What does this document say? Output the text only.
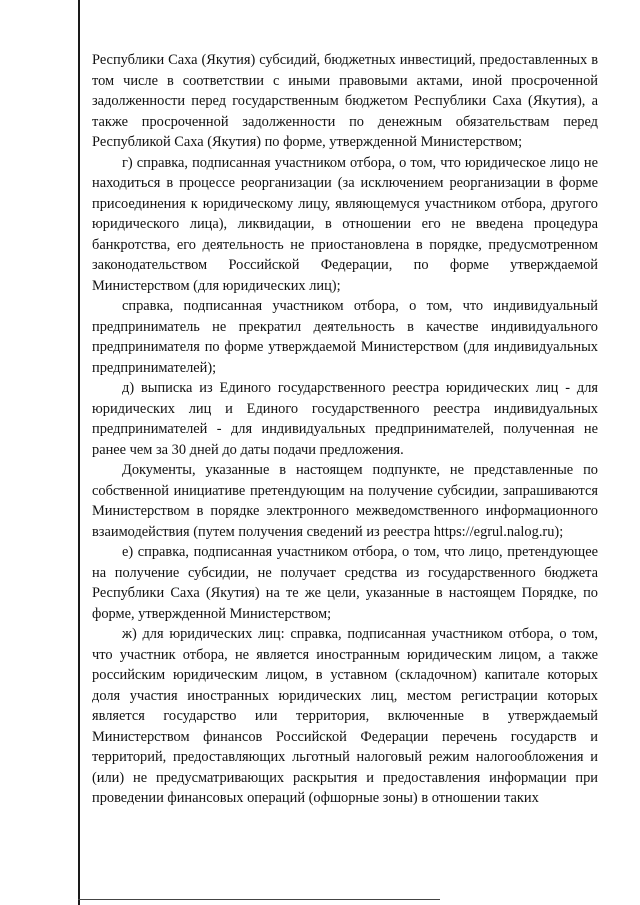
Республики Саха (Якутия) субсидий, бюджетных инвестиций, предоставленных в том числе в соответствии с иными правовыми актами, иной просроченной задолженности перед государственным бюджетом Республики Саха (Якутия), а также просроченной задолженности по денежным обязательствам перед Республикой Саха (Якутия) по форме, утвержденной Министерством;

г) справка, подписанная участником отбора, о том, что юридическое лицо не находиться в процессе реорганизации (за исключением реорганизации в форме присоединения к юридическому лицу, являющемуся участником отбора, другого юридического лица), ликвидации, в отношении его не введена процедура банкротства, его деятельность не приостановлена в порядке, предусмотренном законодательством Российской Федерации, по форме утверждаемой Министерством (для юридических лиц);

справка, подписанная участником отбора, о том, что индивидуальный предприниматель не прекратил деятельность в качестве индивидуального предпринимателя по форме утверждаемой Министерством (для индивидуальных предпринимателей);

д) выписка из Единого государственного реестра юридических лиц - для юридических лиц и Единого государственного реестра индивидуальных предпринимателей - для индивидуальных предпринимателей, полученная не ранее чем за 30 дней до даты подачи предложения.

Документы, указанные в настоящем подпункте, не представленные по собственной инициативе претендующим на получение субсидии, запрашиваются Министерством в порядке электронного межведомственного информационного взаимодействия (путем получения сведений из реестра https://egrul.nalog.ru);

е) справка, подписанная участником отбора, о том, что лицо, претендующее на получение субсидии, не получает средства из государственного бюджета Республики Саха (Якутия) на те же цели, указанные в настоящем Порядке, по форме, утвержденной Министерством;

ж) для юридических лиц: справка, подписанная участником отбора, о том, что участник отбора, не является иностранным юридическим лицом, а также российским юридическим лицом, в уставном (складочном) капитале которых доля участия иностранных юридических лиц, местом регистрации которых является государство или территория, включенные в утверждаемый Министерством финансов Российской Федерации перечень государств и территорий, предоставляющих льготный налоговый режим налогообложения и (или) не предусматривающих раскрытия и предоставления информации при проведении финансовых операций (офшорные зоны) в отношении таких
